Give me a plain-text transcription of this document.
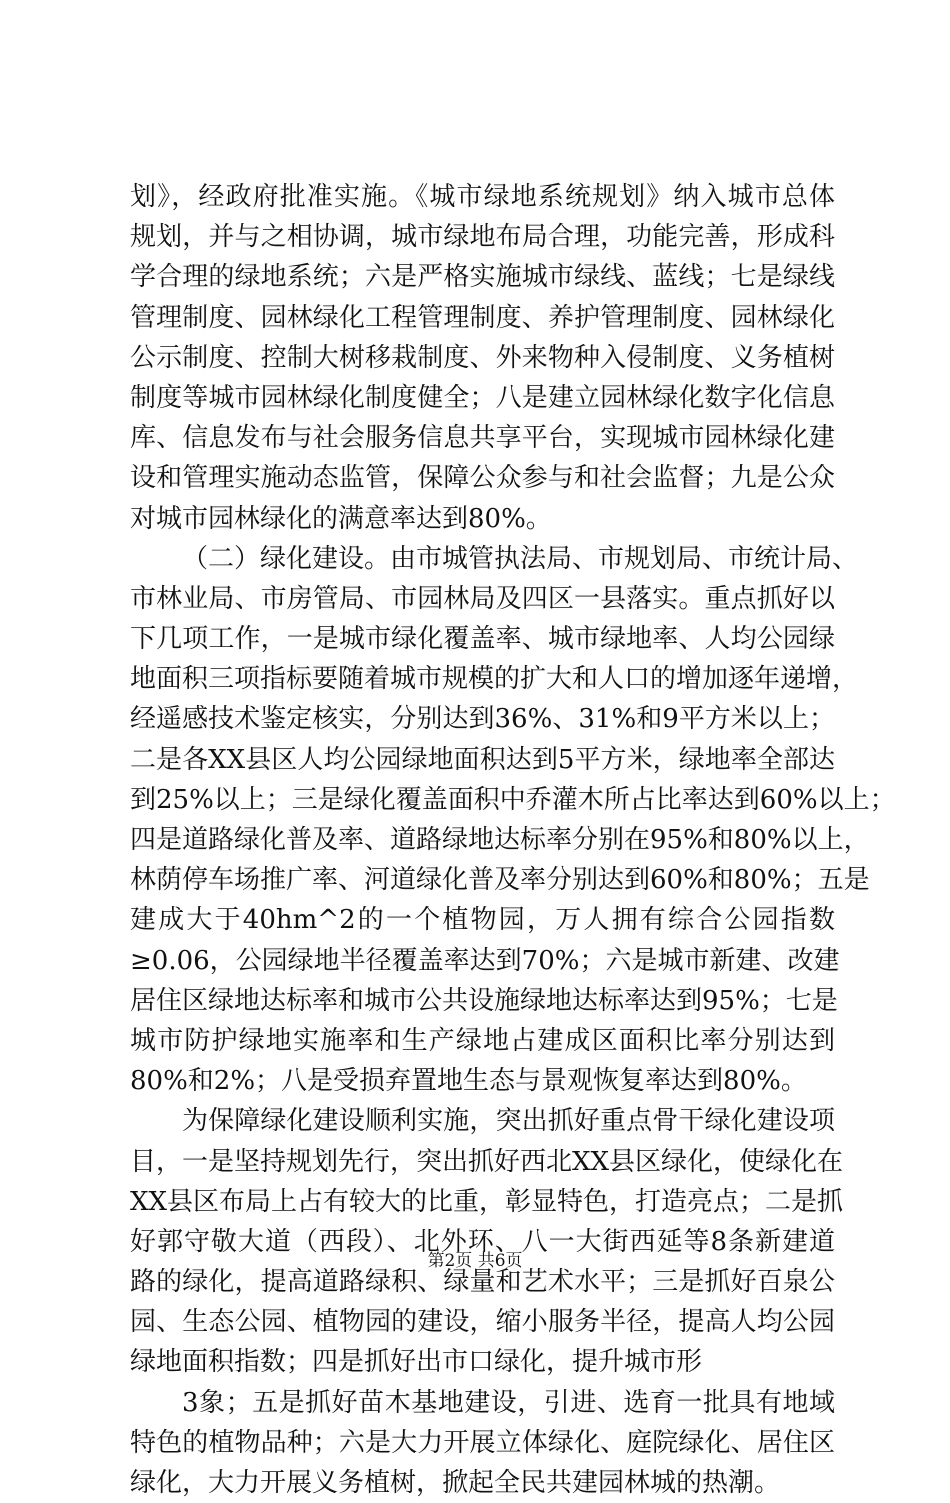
划》，经政府批准实施。《城市绿地系统规划》纳入城市总体
规划，并与之相协调，城市绿地布局合理，功能完善，形成科
学合理的绿地系统；六是严格实施城市绿线、蓝线；七是绿线
管理制度、园林绿化工程管理制度、养护管理制度、园林绿化
公示制度、控制大树移栽制度、外来物种入侵制度、义务植树
制度等城市园林绿化制度健全；八是建立园林绿化数字化信息
库、信息发布与社会服务信息共享平台，实现城市园林绿化建
设和管理实施动态监管，保障公众参与和社会监督；九是公众
对城市园林绿化的满意率达到80%。
（二）绿化建设。由市城管执法局、市规划局、市统计局、
市林业局、市房管局、市园林局及四区一县落实。重点抓好以
下几项工作，一是城市绿化覆盖率、城市绿地率、人均公园绿
地面积三项指标要随着城市规模的扩大和人口的增加逐年递增，
经遥感技术鉴定核实，分别达到36%、31%和9平方米以上；
二是各XX县区人均公园绿地面积达到5平方米，绿地率全部达
到25%以上；三是绿化覆盖面积中乔灌木所占比率达到60%以上；
四是道路绿化普及率、道路绿地达标率分别在95%和80%以上，
林荫停车场推广率、河道绿化普及率分别达到60%和80%；五是
建成大于40hm^2的一个植物园，万人拥有综合公园指数
≥0.06，公园绿地半径覆盖率达到70%；六是城市新建、改建
居住区绿地达标率和城市公共设施绿地达标率达到95%；七是
城市防护绿地实施率和生产绿地占建成区面积比率分别达到
80%和2%；八是受损弃置地生态与景观恢复率达到80%。
为保障绿化建设顺利实施，突出抓好重点骨干绿化建设项
目，一是坚持规划先行，突出抓好西北XX县区绿化，使绿化在
XX县区布局上占有较大的比重，彰显特色，打造亮点；二是抓
好郭守敬大道（西段）、北外环、八一大街西延等8条新建道
路的绿化，提高道路绿积、绿量和艺术水平；三是抓好百泉公
园、生态公园、植物园的建设，缩小服务半径，提高人均公园
绿地面积指数；四是抓好出市口绿化，提升城市形
3象；五是抓好苗木基地建设，引进、选育一批具有地域
特色的植物品种；六是大力开展立体绿化、庭院绿化、居住区
绿化，大力开展义务植树，掀起全民共建园林城的热潮。
第2页 共6页
